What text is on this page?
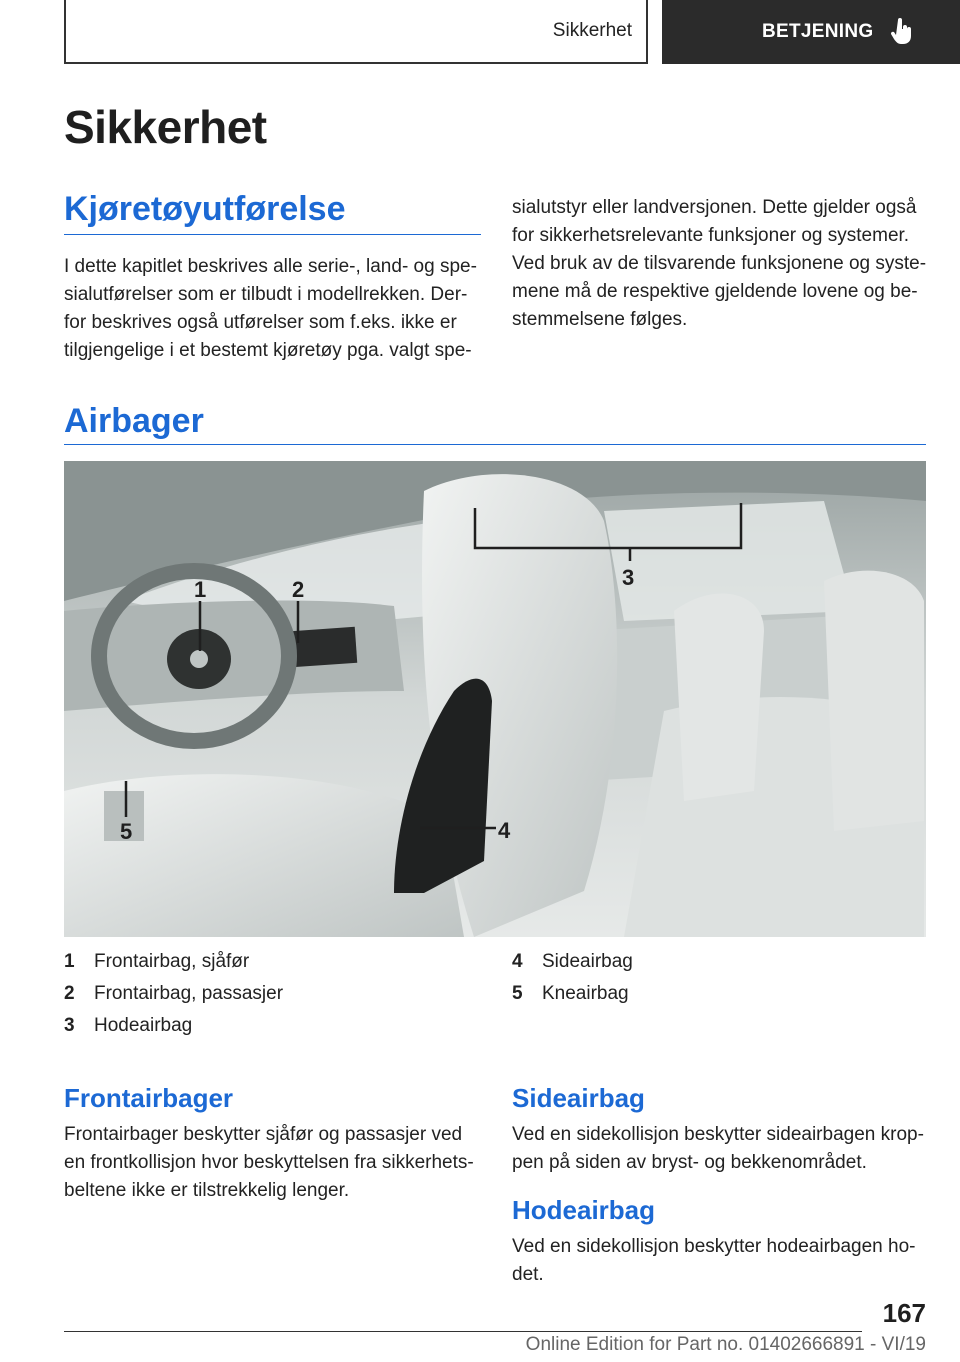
Sikkerhet	BETJENING
Sikkerhet
Kjøretøyutførelse
I dette kapitlet beskrives alle serie-, land- og spe-
sialutførelser som er tilbudt i modellrekken. Der-
for beskrives også utførelser som f.eks. ikke er
tilgjengelige i et bestemt kjøretøy pga. valgt spe-
sialutstyr eller landversjonen. Dette gjelder også
for sikkerhetsrelevante funksjoner og systemer.
Ved bruk av de tilsvarende funksjonene og syste-
mene må de respektive gjeldende lovene og be-
stemmelsene følges.
Airbager
1	2	3
4
5
1	Frontairbag, sjåfør
2	Frontairbag, passasjer
3	Hodeairbag
4	Sideairbag
5	Kneairbag
Frontairbager
Frontairbager beskytter sjåfør og passasjer ved
en frontkollisjon hvor beskyttelsen fra sikkerhets-
beltene ikke er tilstrekkelig lenger.
Sideairbag
Ved en sidekollisjon beskytter sideairbagen krop-
pen på siden av bryst- og bekkenområdet.
Hodeairbag
Ved en sidekollisjon beskytter hodeairbagen ho-
det.
167
Online Edition for Part no. 01402666891 - VI/19
